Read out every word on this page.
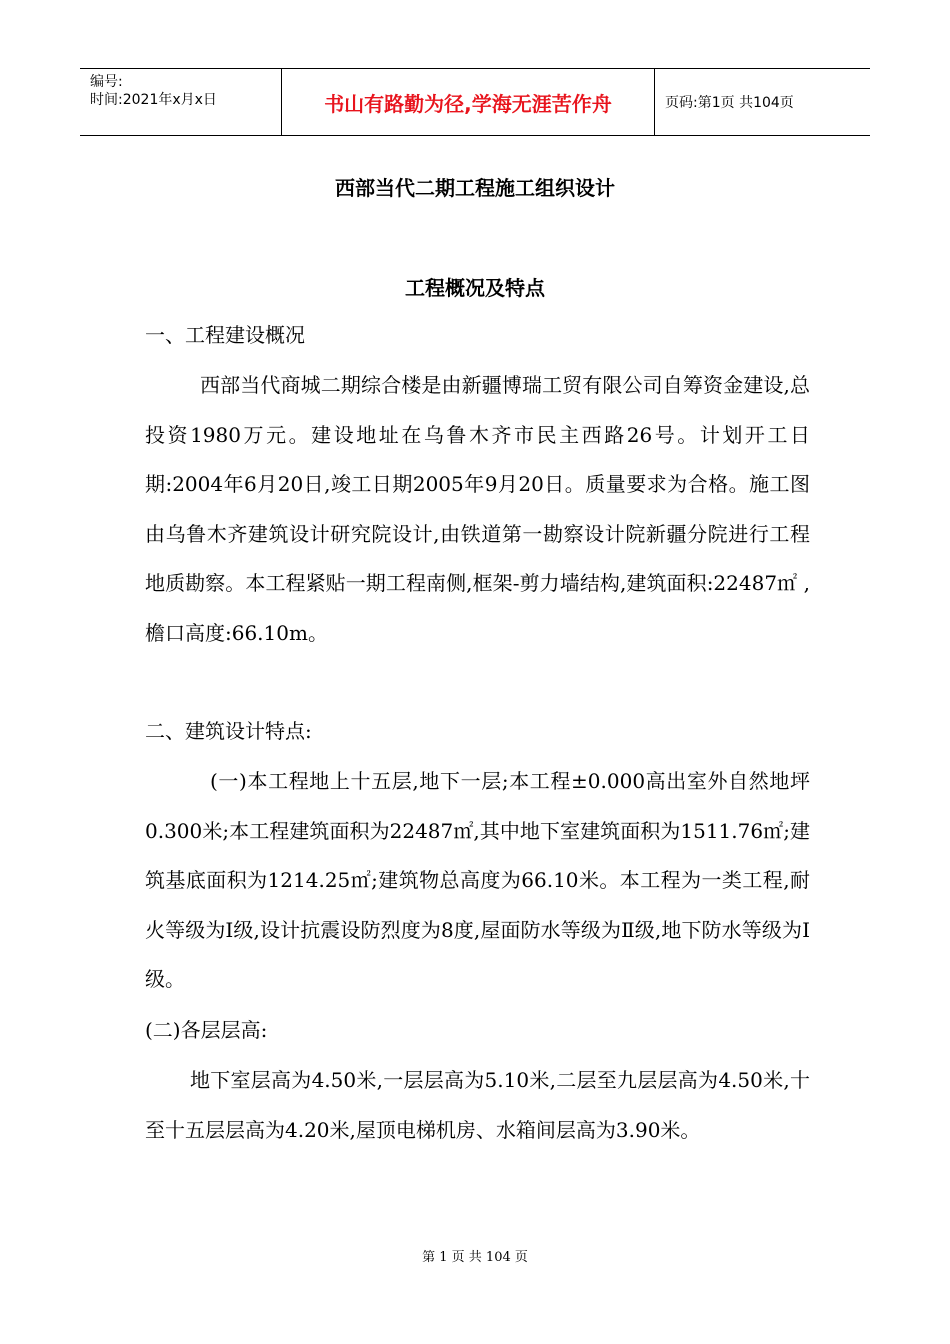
编号:
时间:2021年x月x日	书山有路勤为径,学海无涯苦作舟	页码:第1页 共104页
西部当代二期工程施工组织设计
工程概况及特点

一、工程建设概况

西部当代商城二期综合楼是由新疆博瑞工贸有限公司自筹资金建设,总投资1980万元。建设地址在乌鲁木齐市民主西路26号。计划开工日期:2004年6月20日,竣工日期2005年9月20日。质量要求为合格。施工图由乌鲁木齐建筑设计研究院设计,由铁道第一勘察设计院新疆分院进行工程地质勘察。本工程紧贴一期工程南侧,框架-剪力墙结构,建筑面积:22487㎡ ,檐口高度:66.10m。

二、建筑设计特点:

(一)本工程地上十五层,地下一层;本工程±0.000高出室外自然地坪0.300米;本工程建筑面积为22487㎡,其中地下室建筑面积为1511.76㎡;建筑基底面积为1214.25㎡;建筑物总高度为66.10米。本工程为一类工程,耐火等级为Ⅰ级,设计抗震设防烈度为8度,屋面防水等级为Ⅱ级,地下防水等级为Ⅰ级。

(二)各层层高:

地下室层高为4.50米,一层层高为5.10米,二层至九层层高为4.50米,十至十五层层高为4.20米,屋顶电梯机房、水箱间层高为3.90米。

第 1 页 共 104 页
